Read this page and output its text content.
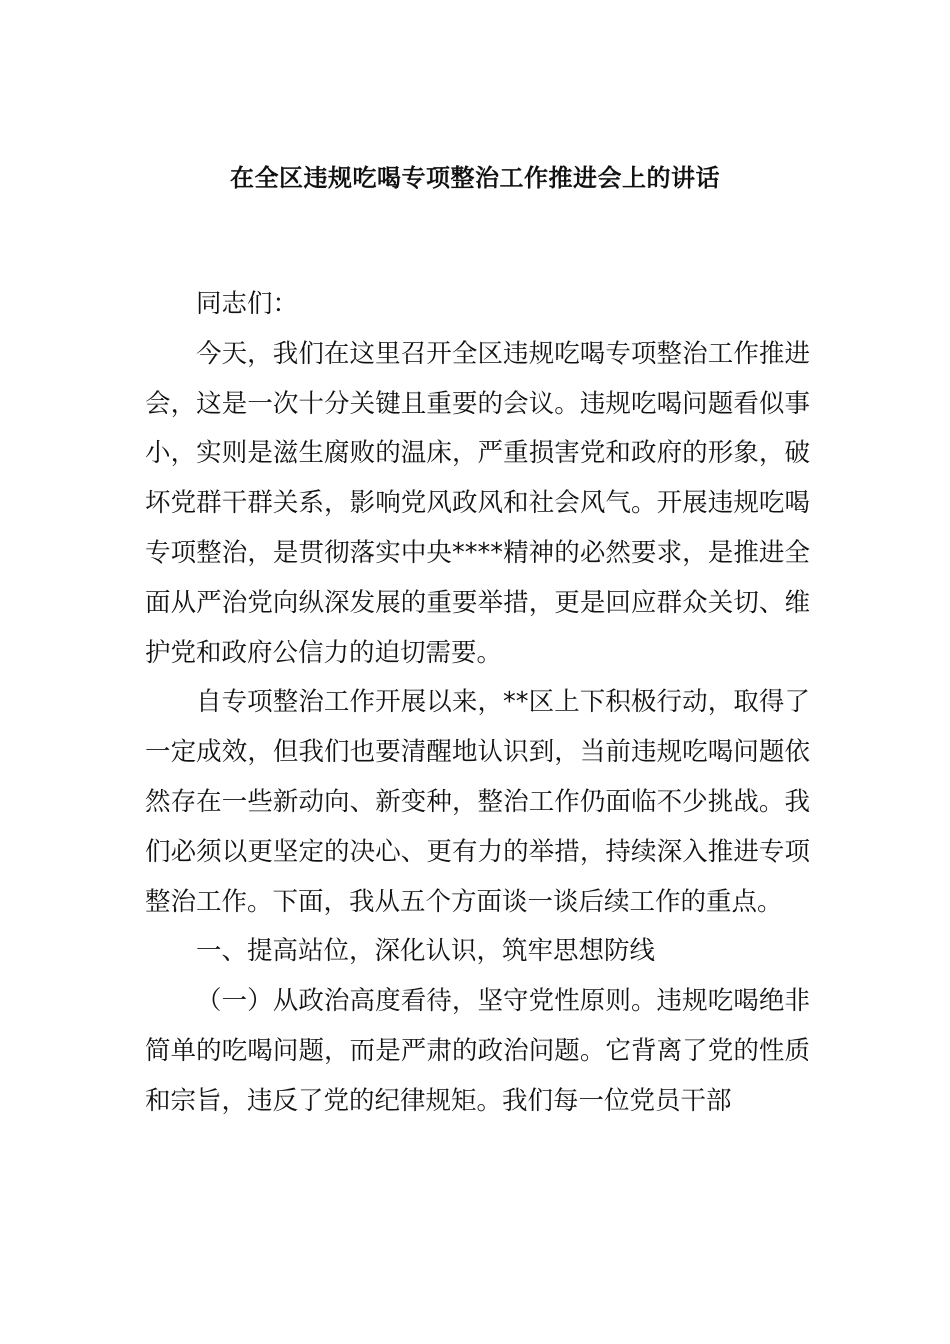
在全区违规吃喝专项整治工作推进会上的讲话

同志们：

今天，我们在这里召开全区违规吃喝专项整治工作推进会，这是一次十分关键且重要的会议。违规吃喝问题看似事小，实则是滋生腐败的温床，严重损害党和政府的形象，破坏党群干群关系，影响党风政风和社会风气。开展违规吃喝专项整治，是贯彻落实中央****精神的必然要求，是推进全面从严治党向纵深发展的重要举措，更是回应群众关切、维护党和政府公信力的迫切需要。

自专项整治工作开展以来，**区上下积极行动，取得了一定成效，但我们也要清醒地认识到，当前违规吃喝问题依然存在一些新动向、新变种，整治工作仍面临不少挑战。我们必须以更坚定的决心、更有力的举措，持续深入推进专项整治工作。下面，我从五个方面谈一谈后续工作的重点。

一、提高站位，深化认识，筑牢思想防线

（一）从政治高度看待，坚守党性原则。违规吃喝绝非简单的吃喝问题，而是严肃的政治问题。它背离了党的性质和宗旨，违反了党的纪律规矩。我们每一位党员干部
